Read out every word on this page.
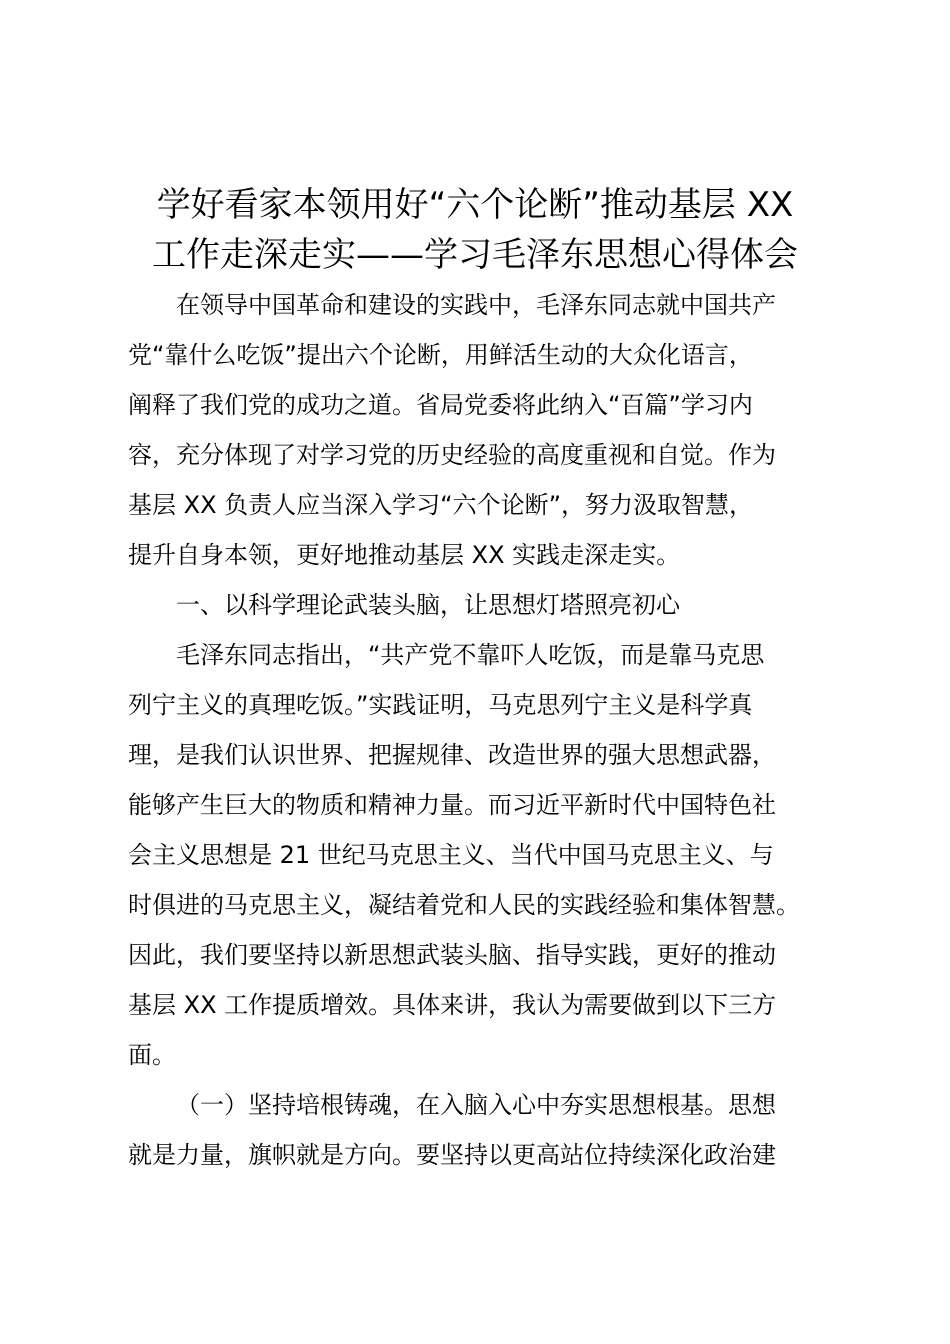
学好看家本领用好“六个论断”推动基层 XX
工作走深走实——学习毛泽东思想心得体会

在领导中国革命和建设的实践中，毛泽东同志就中国共产
党“靠什么吃饭”提出六个论断，用鲜活生动的大众化语言，
阐释了我们党的成功之道。省局党委将此纳入“百篇”学习内
容，充分体现了对学习党的历史经验的高度重视和自觉。作为
基层 XX 负责人应当深入学习“六个论断”，努力汲取智慧，
提升自身本领，更好地推动基层 XX 实践走深走实。

一、以科学理论武装头脑，让思想灯塔照亮初心

毛泽东同志指出，“共产党不靠吓人吃饭，而是靠马克思
列宁主义的真理吃饭。”实践证明，马克思列宁主义是科学真
理，是我们认识世界、把握规律、改造世界的强大思想武器，
能够产生巨大的物质和精神力量。而习近平新时代中国特色社
会主义思想是 21 世纪马克思主义、当代中国马克思主义、与
时俱进的马克思主义，凝结着党和人民的实践经验和集体智慧。
因此，我们要坚持以新思想武装头脑、指导实践，更好的推动
基层 XX 工作提质增效。具体来讲，我认为需要做到以下三方
面。

（一）坚持培根铸魂，在入脑入心中夯实思想根基。思想
就是力量，旗帜就是方向。要坚持以更高站位持续深化政治建
